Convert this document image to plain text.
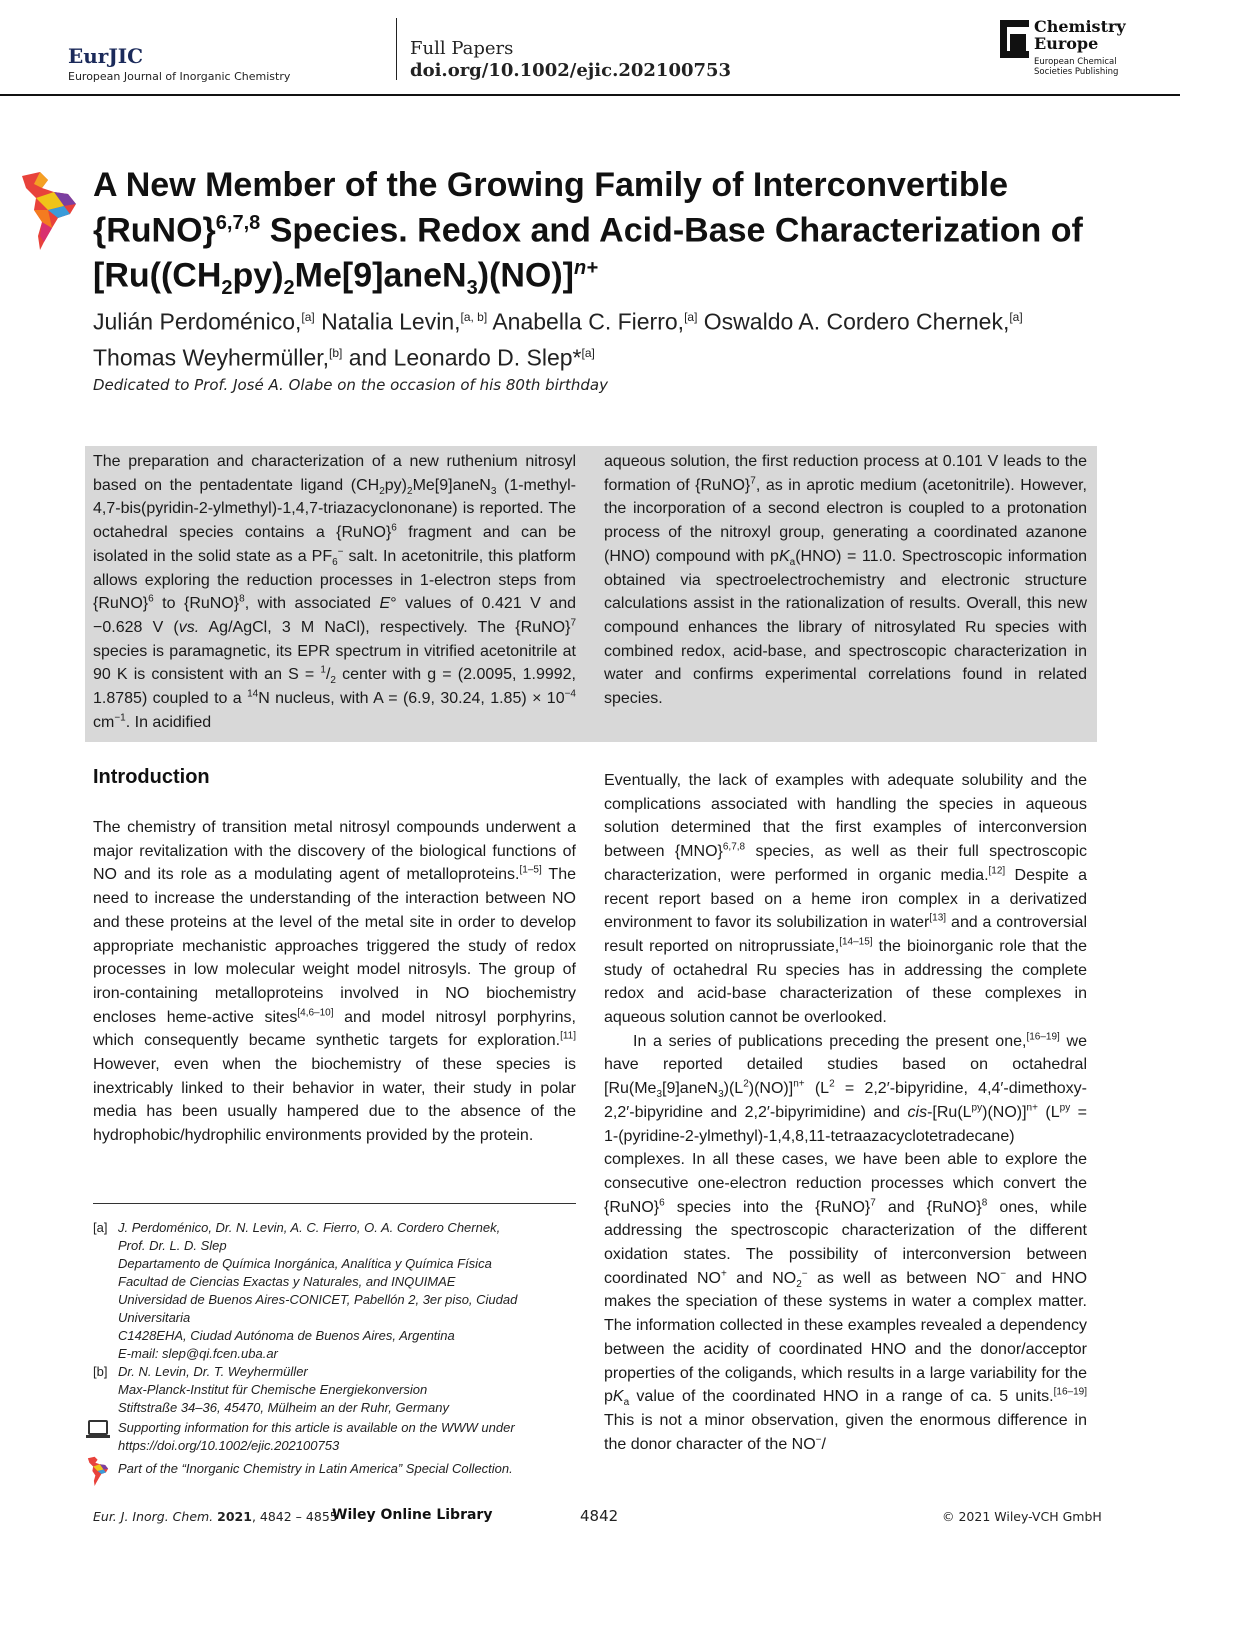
EurJIC
European Journal of Inorganic Chemistry
Full Papers
doi.org/10.1002/ejic.202100753
Chemistry
Europe
European Chemical
Societies Publishing
A New Member of the Growing Family of Interconvertible {RuNO}$^{6,7,8}$ Species. Redox and Acid-Base Characterization of $[Ru((CH_2py)_2Me[9]aneN_3)(NO)]^{n+}$
Julián Perdoménico,[a] Natalia Levin,[a, b] Anabella C. Fierro,[a] Oswaldo A. Cordero Chernek,[a]
Thomas Weyhermüller,[b] and Leonardo D. Slep*[a]
Dedicated to Prof. José A. Olabe on the occasion of his 80th birthday
The preparation and characterization of a new ruthenium nitrosyl based on the pentadentate ligand $(CH_2py)_2Me[9]aneN_3$ (1-methyl-4,7-bis(pyridin-2-ylmethyl)-1,4,7-triazacyclononane) is reported. The octahedral species contains a {RuNO}$^6$ fragment and can be isolated in the solid state as a $PF_6^-$ salt. In acetonitrile, this platform allows exploring the reduction processes in 1-electron steps from {RuNO}$^6$ to {RuNO}$^8$, with associated E° values of 0.421 V and −0.628 V (vs. Ag/AgCl, 3 M NaCl), respectively. The {RuNO}$^7$ species is paramagnetic, its EPR spectrum in vitrified acetonitrile at 90 K is consistent with an $S = ^1/_2$ center with g = (2.0095, 1.9992, 1.8785) coupled to a $^{14}$N nucleus, with A = (6.9, 30.24, $1.85) \times 10^{-4}$ $cm^{-1}$. In acidified
aqueous solution, the first reduction process at 0.101 V leads to the formation of {RuNO}$^7$, as in aprotic medium (acetonitrile). However, the incorporation of a second electron is coupled to a protonation process of the nitroxyl group, generating a coordinated azanone (HNO) compound with $pK_a(HNO) = 11.0$. Spectroscopic information obtained via spectroelectrochemistry and electronic structure calculations assist in the rationalization of results. Overall, this new compound enhances the library of nitrosylated Ru species with combined redox, acid-base, and spectroscopic characterization in water and confirms experimental correlations found in related species.
Introduction
The chemistry of transition metal nitrosyl compounds underwent a major revitalization with the discovery of the biological functions of NO and its role as a modulating agent of metalloproteins.[1–5] The need to increase the understanding of the interaction between NO and these proteins at the level of the metal site in order to develop appropriate mechanistic approaches triggered the study of redox processes in low molecular weight model nitrosyls. The group of iron-containing metalloproteins involved in NO biochemistry encloses heme-active sites[4,6–10] and model nitrosyl porphyrins, which consequently became synthetic targets for exploration.[11] However, even when the biochemistry of these species is inextricably linked to their behavior in water, their study in polar media has been usually hampered due to the absence of the hydrophobic/hydrophilic environments provided by the protein.
Eventually, the lack of examples with adequate solubility and the complications associated with handling the species in aqueous solution determined that the first examples of interconversion between {MNO}$^{6,7,8}$ species, as well as their full spectroscopic characterization, were performed in organic media.[12] Despite a recent report based on a heme iron complex in a derivatized environment to favor its solubilization in water[13] and a controversial result reported on nitroprussiate,[14–15] the bioinorganic role that the study of octahedral Ru species has in addressing the complete redox and acid-base characterization of these complexes in aqueous solution cannot be overlooked.
In a series of publications preceding the present one,[16–19] we have reported detailed studies based on octahedral $[Ru(Me_3[9]aneN_3)(L^2)(NO)]^{n+}$ ($L^2$ = 2,2′-bipyridine, 4,4′-dimethoxy-2,2′-bipyridine and 2,2′-bipyrimidine) and cis-$[Ru(L^{py})(NO)]^{n+}$ ($L^{py}$ = 1-(pyridine-2-ylmethyl)-1,4,8,11-tetraazacyclotetradecane) complexes. In all these cases, we have been able to explore the consecutive one-electron reduction processes which convert the {RuNO}$^6$ species into the {RuNO}$^7$ and {RuNO}$^8$ ones, while addressing the spectroscopic characterization of the different oxidation states. The possibility of interconversion between coordinated NO+ and $NO_2^-$ as well as between NO− and HNO makes the speciation of these systems in water a complex matter. The information collected in these examples revealed a dependency between the acidity of coordinated HNO and the donor/acceptor properties of the coligands, which results in a large variability for the $pK_a$ value of the coordinated HNO in a range of ca. 5 units.[16–19] This is not a minor observation, given the enormous difference in the donor character of the NO−/
[a] J. Perdoménico, Dr. N. Levin, A. C. Fierro, O. A. Cordero Chernek,
Prof. Dr. L. D. Slep
Departamento de Química Inorgánica, Analítica y Química Física
Facultad de Ciencias Exactas y Naturales, and INQUIMAE
Universidad de Buenos Aires-CONICET, Pabellón 2, 3er piso, Ciudad Universitaria
C1428EHA, Ciudad Autónoma de Buenos Aires, Argentina
E-mail: slep@qi.fcen.uba.ar
[b] Dr. N. Levin, Dr. T. Weyhermüller
Max-Planck-Institut für Chemische Energiekonversion
Stiftstraße 34–36, 45470, Mülheim an der Ruhr, Germany
Supporting information for this article is available on the WWW under https://doi.org/10.1002/ejic.202100753
Part of the “Inorganic Chemistry in Latin America” Special Collection.
Eur. J. Inorg. Chem. 2021, 4842 – 4855
Wiley Online Library	4842	© 2021 Wiley-VCH GmbH
